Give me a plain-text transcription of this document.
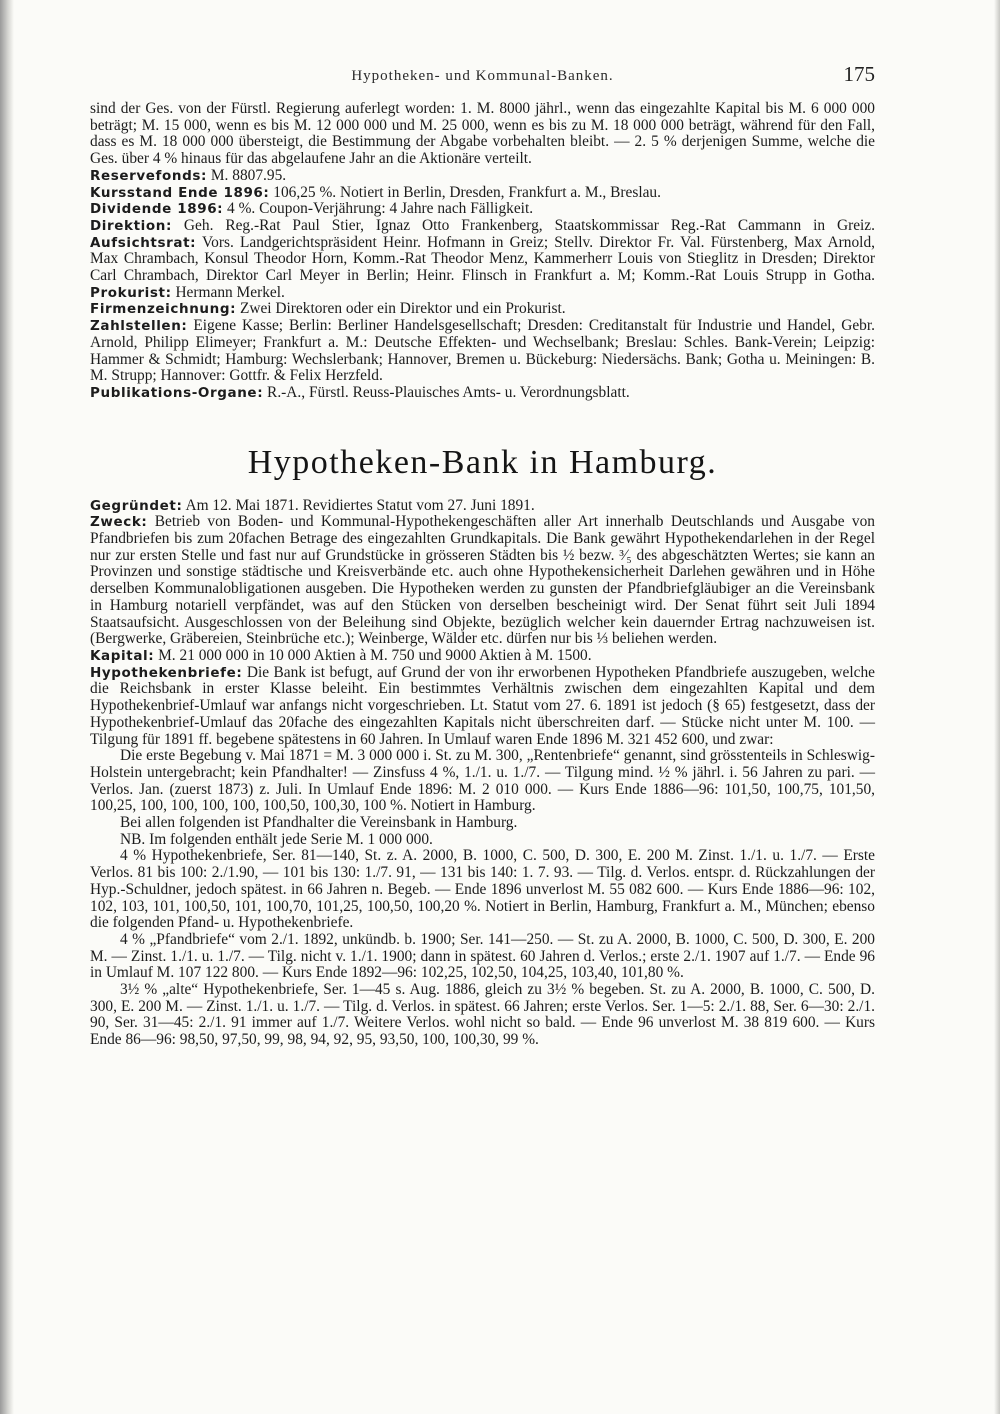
Hypotheken- und Kommunal-Banken.	175

sind der Ges. von der Fürstl. Regierung auferlegt worden: 1. M. 8000 jährl., wenn das eingezahlte Kapital bis M. 6 000 000 beträgt; M. 15 000, wenn es bis M. 12 000 000 und M. 25 000, wenn es bis zu M. 18 000 000 beträgt, während für den Fall, dass es M. 18 000 000 übersteigt, die Bestimmung der Abgabe vorbehalten bleibt. — 2. 5 % derjenigen Summe, welche die Ges. über 4 % hinaus für das abgelaufene Jahr an die Aktionäre verteilt.

Reservefonds: M. 8807.95.

Kursstand Ende 1896: 106,25 %. Notiert in Berlin, Dresden, Frankfurt a. M., Breslau.

Dividende 1896: 4 %. Coupon-Verjährung: 4 Jahre nach Fälligkeit.

Direktion: Geh. Reg.-Rat Paul Stier, Ignaz Otto Frankenberg, Staatskommissar Reg.-Rat Cammann in Greiz. Aufsichtsrat: Vors. Landgerichtspräsident Heinr. Hofmann in Greiz; Stellv. Direktor Fr. Val. Fürstenberg, Max Arnold, Max Chrambach, Konsul Theodor Horn, Komm.-Rat Theodor Menz, Kammerherr Louis von Stieglitz in Dresden; Direktor Carl Chrambach, Direktor Carl Meyer in Berlin; Heinr. Flinsch in Frankfurt a. M; Komm.-Rat Louis Strupp in Gotha. Prokurist: Hermann Merkel.

Firmenzeichnung: Zwei Direktoren oder ein Direktor und ein Prokurist.

Zahlstellen: Eigene Kasse; Berlin: Berliner Handelsgesellschaft; Dresden: Creditanstalt für Industrie und Handel, Gebr. Arnold, Philipp Elimeyer; Frankfurt a. M.: Deutsche Effekten- und Wechselbank; Breslau: Schles. Bank-Verein; Leipzig: Hammer & Schmidt; Hamburg: Wechslerbank; Hannover, Bremen u. Bückeburg: Niedersächs. Bank; Gotha u. Meiningen: B. M. Strupp; Hannover: Gottfr. & Felix Herzfeld.

Publikations-Organe: R.-A., Fürstl. Reuss-Plauisches Amts- u. Verordnungsblatt.

Hypotheken-Bank in Hamburg.

Gegründet: Am 12. Mai 1871. Revidiertes Statut vom 27. Juni 1891.

Zweck: Betrieb von Boden- und Kommunal-Hypothekengeschäften aller Art innerhalb Deutschlands und Ausgabe von Pfandbriefen bis zum 20fachen Betrage des eingezahlten Grundkapitals. Die Bank gewährt Hypothekendarlehen in der Regel nur zur ersten Stelle und fast nur auf Grundstücke in grösseren Städten bis ½ bezw. ³⁄₅ des abgeschätzten Wertes; sie kann an Provinzen und sonstige städtische und Kreisverbände etc. auch ohne Hypothekensicherheit Darlehen gewähren und in Höhe derselben Kommunalobligationen ausgeben. Die Hypotheken werden zu gunsten der Pfandbriefgläubiger an die Vereinsbank in Hamburg notariell verpfändet, was auf den Stücken von derselben bescheinigt wird. Der Senat führt seit Juli 1894 Staatsaufsicht. Ausgeschlossen von der Beleihung sind Objekte, bezüglich welcher kein dauernder Ertrag nachzuweisen ist. (Bergwerke, Gräbereien, Steinbrüche etc.); Weinberge, Wälder etc. dürfen nur bis ⅓ beliehen werden.

Kapital: M. 21 000 000 in 10 000 Aktien à M. 750 und 9000 Aktien à M. 1500.

Hypothekenbriefe: Die Bank ist befugt, auf Grund der von ihr erworbenen Hypotheken Pfandbriefe auszugeben, welche die Reichsbank in erster Klasse beleiht. Ein bestimmtes Verhältnis zwischen dem eingezahlten Kapital und dem Hypothekenbrief-Umlauf war anfangs nicht vorgeschrieben. Lt. Statut vom 27. 6. 1891 ist jedoch (§ 65) festgesetzt, dass der Hypothekenbrief-Umlauf das 20fache des eingezahlten Kapitals nicht überschreiten darf. — Stücke nicht unter M. 100. — Tilgung für 1891 ff. begebene spätestens in 60 Jahren. In Umlauf waren Ende 1896 M. 321 452 600, und zwar:

Die erste Begebung v. Mai 1871 = M. 3 000 000 i. St. zu M. 300, „Rentenbriefe“ genannt, sind grösstenteils in Schleswig-Holstein untergebracht; kein Pfandhalter! — Zinsfuss 4 %, 1./1. u. 1./7. — Tilgung mind. ½ % jährl. i. 56 Jahren zu pari. — Verlos. Jan. (zuerst 1873) z. Juli. In Umlauf Ende 1896: M. 2 010 000. — Kurs Ende 1886—96: 101,50, 100,75, 101,50, 100,25, 100, 100, 100, 100, 100,50, 100,30, 100 %. Notiert in Hamburg.

Bei allen folgenden ist Pfandhalter die Vereinsbank in Hamburg.

NB. Im folgenden enthält jede Serie M. 1 000 000.

4 % Hypothekenbriefe, Ser. 81—140, St. z. A. 2000, B. 1000, C. 500, D. 300, E. 200 M. Zinst. 1./1. u. 1./7. — Erste Verlos. 81 bis 100: 2./1.90, — 101 bis 130: 1./7. 91, — 131 bis 140: 1. 7. 93. — Tilg. d. Verlos. entspr. d. Rückzahlungen der Hyp.-Schuldner, jedoch spätest. in 66 Jahren n. Begeb. — Ende 1896 unverlost M. 55 082 600. — Kurs Ende 1886—96: 102, 102, 103, 101, 100,50, 101, 100,70, 101,25, 100,50, 100,20 %. Notiert in Berlin, Hamburg, Frankfurt a. M., München; ebenso die folgenden Pfand- u. Hypothekenbriefe.

4 % „Pfandbriefe“ vom 2./1. 1892, unkündb. b. 1900; Ser. 141—250. — St. zu A. 2000, B. 1000, C. 500, D. 300, E. 200 M. — Zinst. 1./1. u. 1./7. — Tilg. nicht v. 1./1. 1900; dann in spätest. 60 Jahren d. Verlos.; erste 2./1. 1907 auf 1./7. — Ende 96 in Umlauf M. 107 122 800. — Kurs Ende 1892—96: 102,25, 102,50, 104,25, 103,40, 101,80 %.

3½ % „alte“ Hypothekenbriefe, Ser. 1—45 s. Aug. 1886, gleich zu 3½ % begeben. St. zu A. 2000, B. 1000, C. 500, D. 300, E. 200 M. — Zinst. 1./1. u. 1./7. — Tilg. d. Verlos. in spätest. 66 Jahren; erste Verlos. Ser. 1—5: 2./1. 88, Ser. 6—30: 2./1. 90, Ser. 31—45: 2./1. 91 immer auf 1./7. Weitere Verlos. wohl nicht so bald. — Ende 96 unverlost M. 38 819 600. — Kurs Ende 86—96: 98,50, 97,50, 99, 98, 94, 92, 95, 93,50, 100, 100,30, 99 %.
